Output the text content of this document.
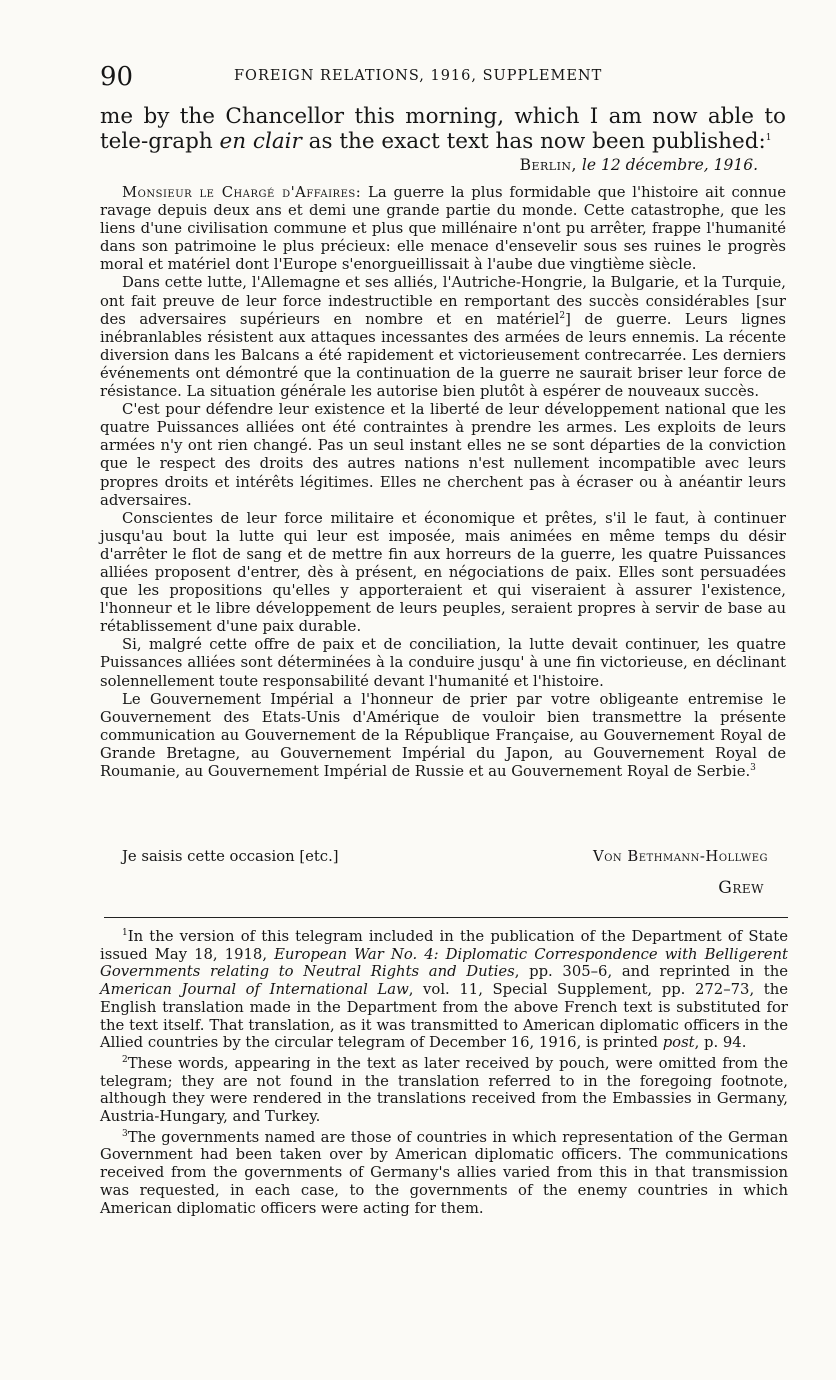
90	FOREIGN RELATIONS, 1916, SUPPLEMENT
me by the Chancellor this morning, which I am now able to tele-graph en clair as the exact text has now been published:$^1$
Berlin, le 12 décembre, 1916.

Monsieur le Chargé d'Affaires: La guerre la plus formidable que l'histoire ait connue ravage depuis deux ans et demi une grande partie du monde. Cette catastrophe, que les liens d'une civilisation commune et plus que millénaire n'ont pu arrêter, frappe l'humanité dans son patrimoine le plus précieux: elle menace d'ensevelir sous ses ruines le progrès moral et matériel dont l'Europe s'enorgueillissait à l'aube due vingtième siècle.

Dans cette lutte, l'Allemagne et ses alliés, l'Autriche-Hongrie, la Bulgarie, et la Turquie, ont fait preuve de leur force indestructible en remportant des succès considérables [sur des adversaires supérieurs en nombre et en matériel$^2$] de guerre. Leurs lignes inébranlables résistent aux attaques incessantes des armées de leurs ennemis. La récente diversion dans les Balcans a été rapidement et victorieusement contrecarrée. Les derniers événements ont démontré que la continuation de la guerre ne saurait briser leur force de résistance. La situation générale les autorise bien plutôt à espérer de nouveaux succès.

C'est pour défendre leur existence et la liberté de leur développement national que les quatre Puissances alliées ont été contraintes à prendre les armes. Les exploits de leurs armées n'y ont rien changé. Pas un seul instant elles ne se sont départies de la conviction que le respect des droits des autres nations n'est nullement incompatible avec leurs propres droits et intérêts légitimes. Elles ne cherchent pas à écraser ou à anéantir leurs adversaires.

Conscientes de leur force militaire et économique et prêtes, s'il le faut, à continuer jusqu'au bout la lutte qui leur est imposée, mais animées en même temps du désir d'arrêter le flot de sang et de mettre fin aux horreurs de la guerre, les quatre Puissances alliées proposent d'entrer, dès à présent, en négociations de paix. Elles sont persuadées que les propositions qu'elles y apporteraient et qui viseraient à assurer l'existence, l'honneur et le libre développement de leurs peuples, seraient propres à servir de base au rétablissement d'une paix durable.

Si, malgré cette offre de paix et de conciliation, la lutte devait continuer, les quatre Puissances alliées sont déterminées à la conduire jusqu' à une fin victorieuse, en déclinant solennellement toute responsabilité devant l'humanité et l'histoire.

Le Gouvernement Impérial a l'honneur de prier par votre obligeante entremise le Gouvernement des Etats-Unis d'Amérique de vouloir bien transmettre la présente communication au Gouvernement de la République Française, au Gouvernement Royal de Grande Bretagne, au Gouvernement Impérial du Japon, au Gouvernement Royal de Roumanie, au Gouvernement Impérial de Russie et au Gouvernement Royal de Serbie.$^3$

Je saisis cette occasion [etc.]	Von Bethmann-Hollweg
Grew

$^1$In the version of this telegram included in the publication of the Department of State issued May 18, 1918, European War No. 4: Diplomatic Correspondence with Belligerent Governments relating to Neutral Rights and Duties, pp. 305–6, and reprinted in the American Journal of International Law, vol. 11, Special Supplement, pp. 272–73, the English translation made in the Department from the above French text is substituted for the text itself. That translation, as it was transmitted to American diplomatic officers in the Allied countries by the circular telegram of December 16, 1916, is printed post, p. 94.

$^2$These words, appearing in the text as later received by pouch, were omitted from the telegram; they are not found in the translation referred to in the foregoing footnote, although they were rendered in the translations received from the Embassies in Germany, Austria-Hungary, and Turkey.

$^3$The governments named are those of countries in which representation of the German Government had been taken over by American diplomatic officers. The communications received from the governments of Germany's allies varied from this in that transmission was requested, in each case, to the governments of the enemy countries in which American diplomatic officers were acting for them.
